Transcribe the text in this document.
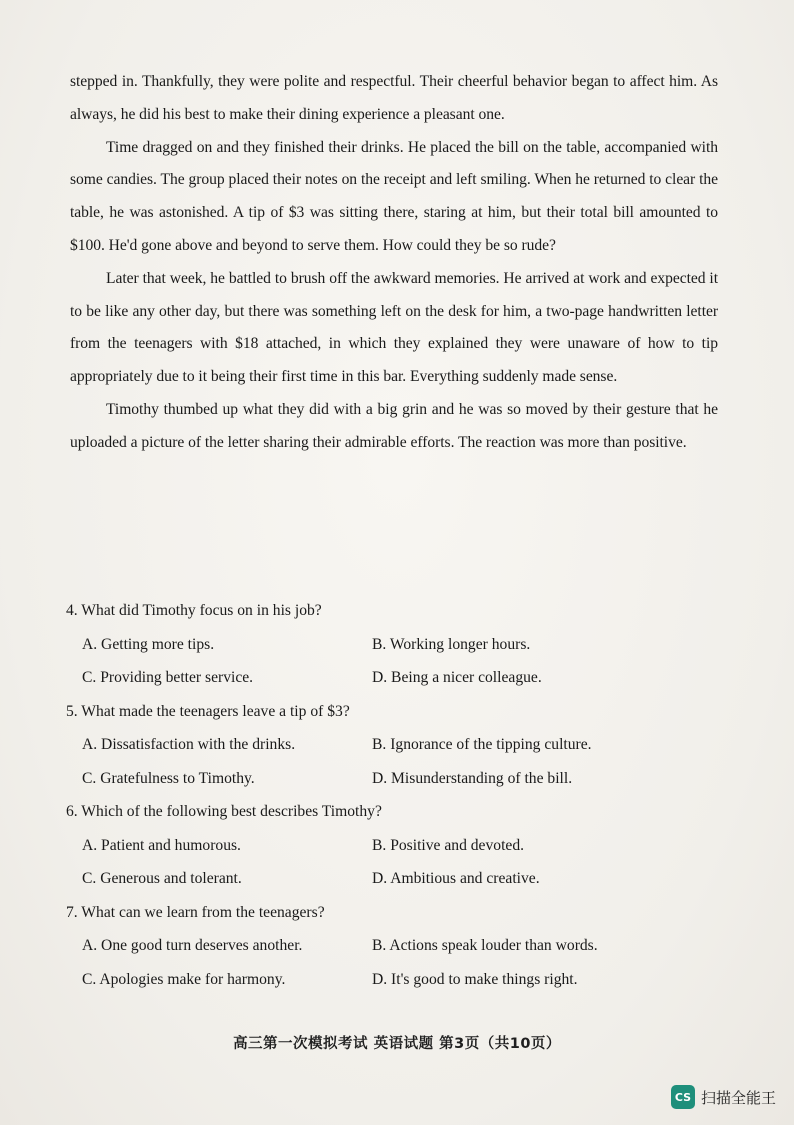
stepped in. Thankfully, they were polite and respectful. Their cheerful behavior began to affect him. As always, he did his best to make their dining experience a pleasant one.

Time dragged on and they finished their drinks. He placed the bill on the table, accompanied with some candies. The group placed their notes on the receipt and left smiling. When he returned to clear the table, he was astonished. A tip of $3 was sitting there, staring at him, but their total bill amounted to $100. He'd gone above and beyond to serve them. How could they be so rude?

Later that week, he battled to brush off the awkward memories. He arrived at work and expected it to be like any other day, but there was something left on the desk for him, a two-page handwritten letter from the teenagers with $18 attached, in which they explained they were unaware of how to tip appropriately due to it being their first time in this bar. Everything suddenly made sense.

Timothy thumbed up what they did with a big grin and he was so moved by their gesture that he uploaded a picture of the letter sharing their admirable efforts. The reaction was more than positive.

4. What did Timothy focus on in his job?

A. Getting more tips.	B. Working longer hours.
C. Providing better service.	D. Being a nicer colleague.

5. What made the teenagers leave a tip of $3?

A. Dissatisfaction with the drinks.	B. Ignorance of the tipping culture.
C. Gratefulness to Timothy.	D. Misunderstanding of the bill.

6. Which of the following best describes Timothy?

A. Patient and humorous.	B. Positive and devoted.
C. Generous and tolerant.	D. Ambitious and creative.

7. What can we learn from the teenagers?

A. One good turn deserves another.	B. Actions speak louder than words.
C. Apologies make for harmony.	D. It's good to make things right.
高三第一次模拟考试 英语试题 第3页（共10页）
CS 扫描全能王
